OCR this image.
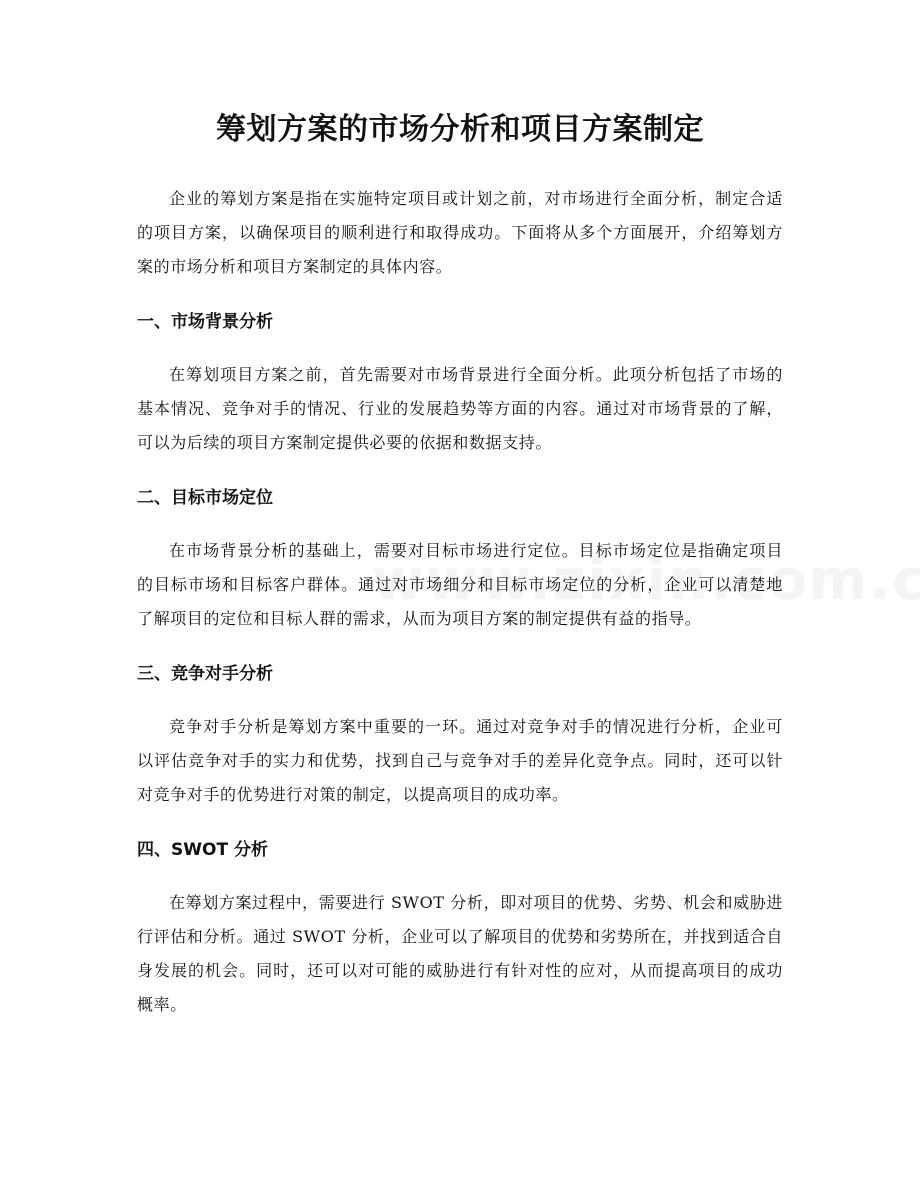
筹划方案的市场分析和项目方案制定

企业的筹划方案是指在实施特定项目或计划之前，对市场进行全面分析，制定合适的项目方案，以确保项目的顺利进行和取得成功。下面将从多个方面展开，介绍筹划方案的市场分析和项目方案制定的具体内容。

一、市场背景分析

在筹划项目方案之前，首先需要对市场背景进行全面分析。此项分析包括了市场的基本情况、竞争对手的情况、行业的发展趋势等方面的内容。通过对市场背景的了解，可以为后续的项目方案制定提供必要的依据和数据支持。

二、目标市场定位

在市场背景分析的基础上，需要对目标市场进行定位。目标市场定位是指确定项目的目标市场和目标客户群体。通过对市场细分和目标市场定位的分析，企业可以清楚地了解项目的定位和目标人群的需求，从而为项目方案的制定提供有益的指导。

三、竞争对手分析

竞争对手分析是筹划方案中重要的一环。通过对竞争对手的情况进行分析，企业可以评估竞争对手的实力和优势，找到自己与竞争对手的差异化竞争点。同时，还可以针对竞争对手的优势进行对策的制定，以提高项目的成功率。

四、SWOT 分析

在筹划方案过程中，需要进行 SWOT 分析，即对项目的优势、劣势、机会和威胁进行评估和分析。通过 SWOT 分析，企业可以了解项目的优势和劣势所在，并找到适合自身发展的机会。同时，还可以对可能的威胁进行有针对性的应对，从而提高项目的成功概率。
